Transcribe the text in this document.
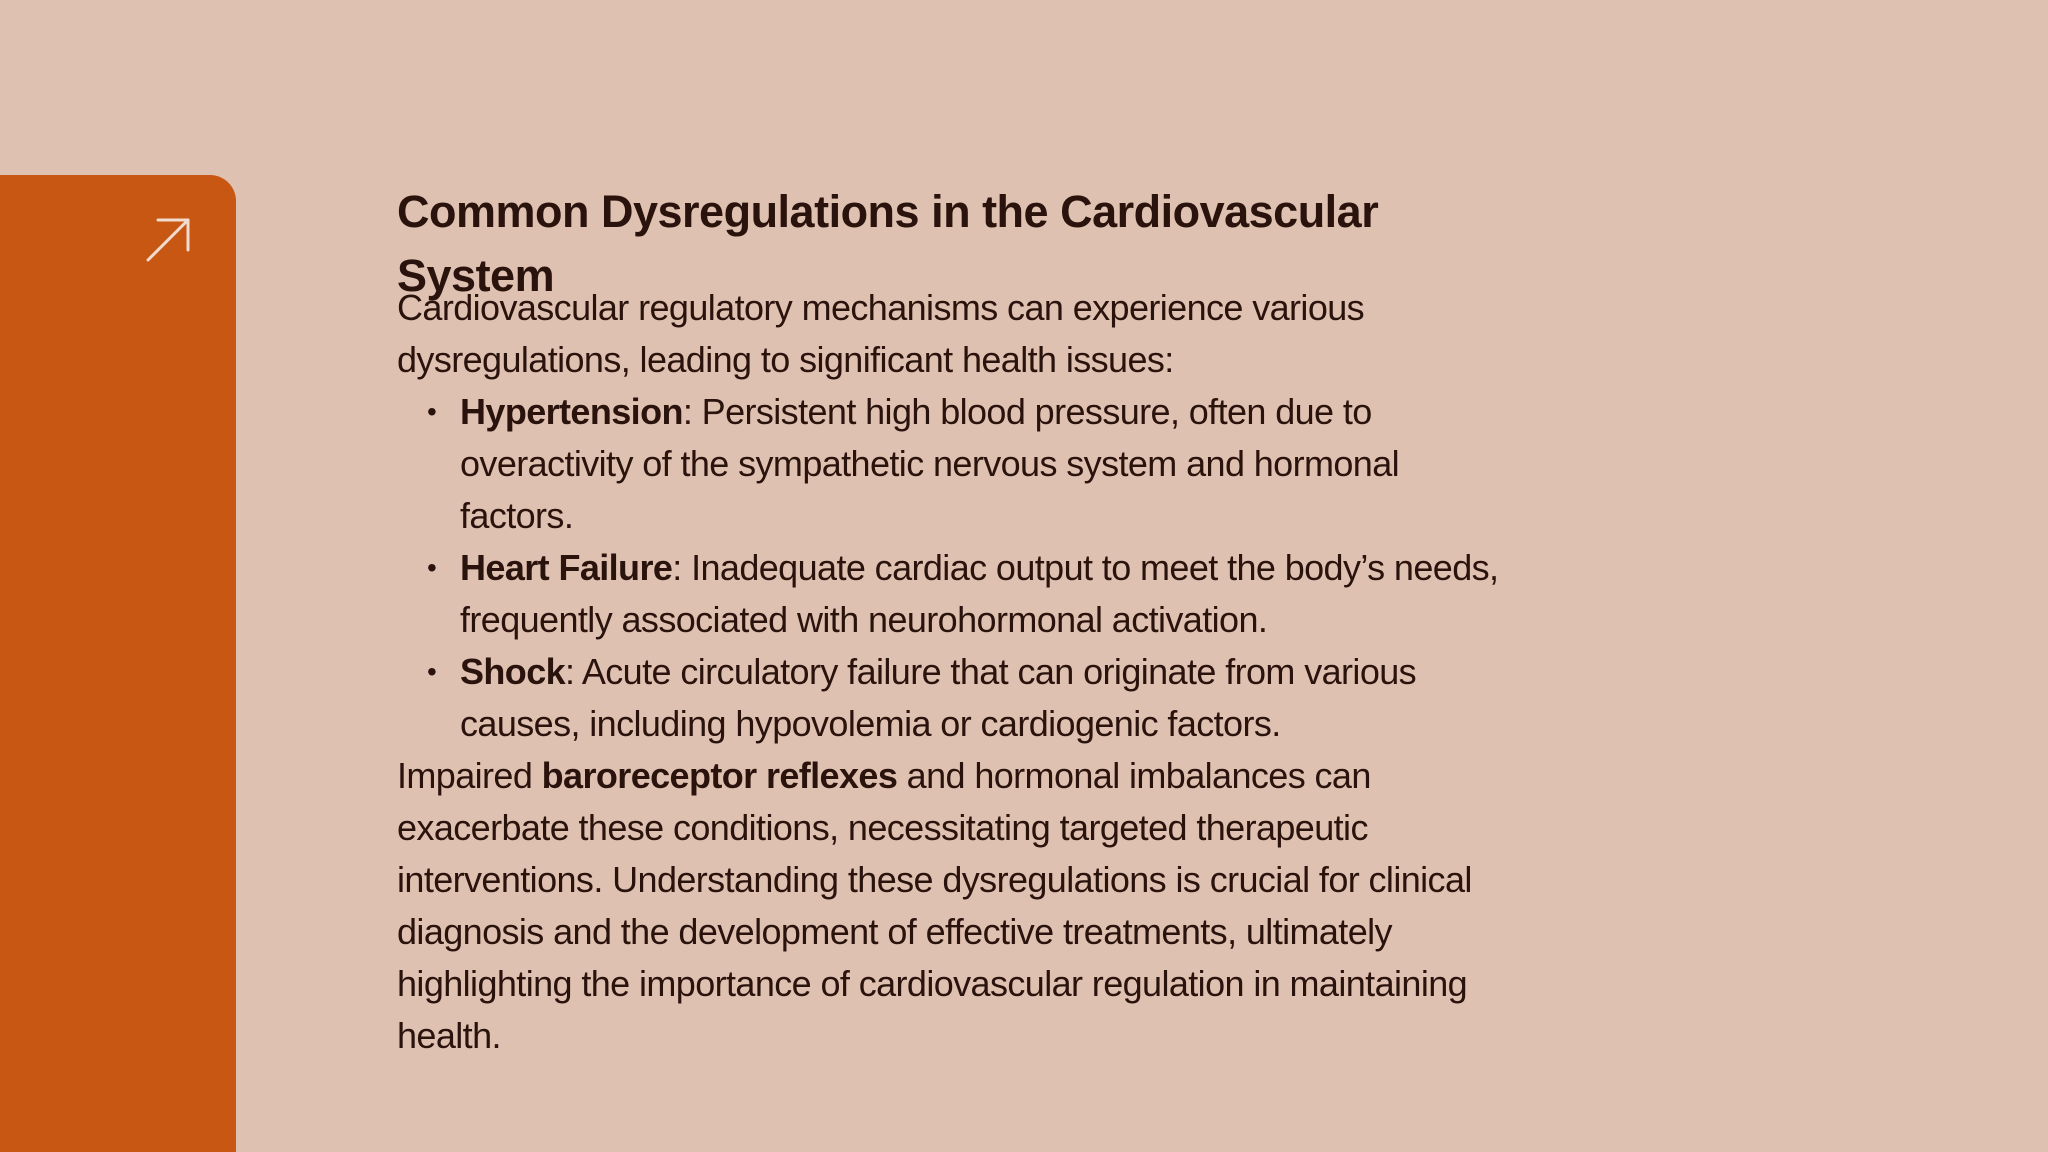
Common Dysregulations in the Cardiovascular System

Cardiovascular regulatory mechanisms can experience various dysregulations, leading to significant health issues:

• Hypertension: Persistent high blood pressure, often due to overactivity of the sympathetic nervous system and hormonal factors.
• Heart Failure: Inadequate cardiac output to meet the body’s needs, frequently associated with neurohormonal activation.
• Shock: Acute circulatory failure that can originate from various causes, including hypovolemia or cardiogenic factors.

Impaired baroreceptor reflexes and hormonal imbalances can exacerbate these conditions, necessitating targeted therapeutic interventions. Understanding these dysregulations is crucial for clinical diagnosis and the development of effective treatments, ultimately highlighting the importance of cardiovascular regulation in maintaining health.
